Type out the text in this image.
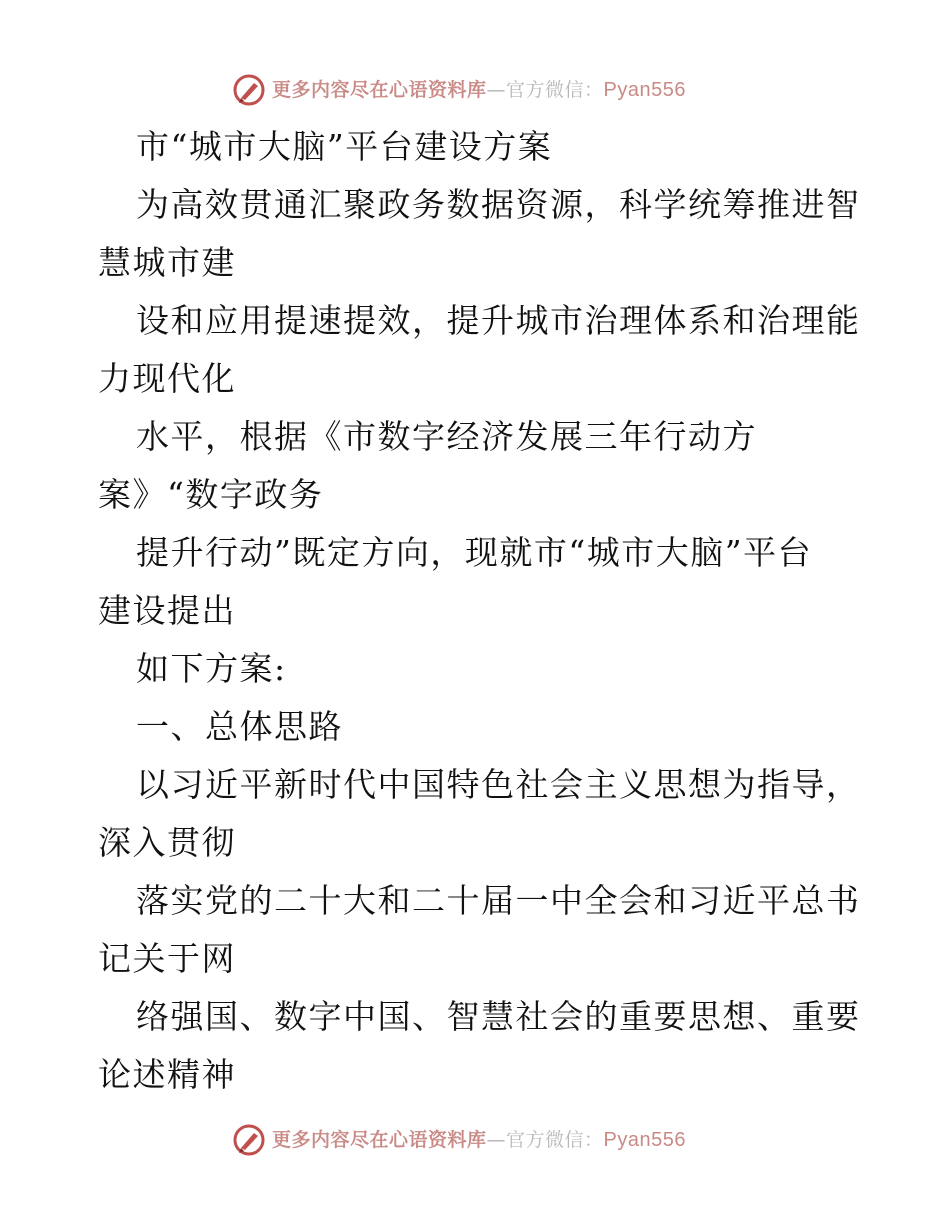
更多内容尽在心语资料库 — 官方微信： Pyan556
市“城市大脑”平台建设方案
为高效贯通汇聚政务数据资源，科学统筹推进智
慧城市建
设和应用提速提效，提升城市治理体系和治理能
力现代化
水平，根据《市数字经济发展三年行动方
案》“数字政务
提升行动”既定方向，现就市“城市大脑”平台
建设提出
如下方案:
一、总体思路
以习近平新时代中国特色社会主义思想为指导，
深入贯彻
落实党的二十大和二十届一中全会和习近平总书
记关于网
络强国、数字中国、智慧社会的重要思想、重要
论述精神
更多内容尽在心语资料库 — 官方微信： Pyan556
